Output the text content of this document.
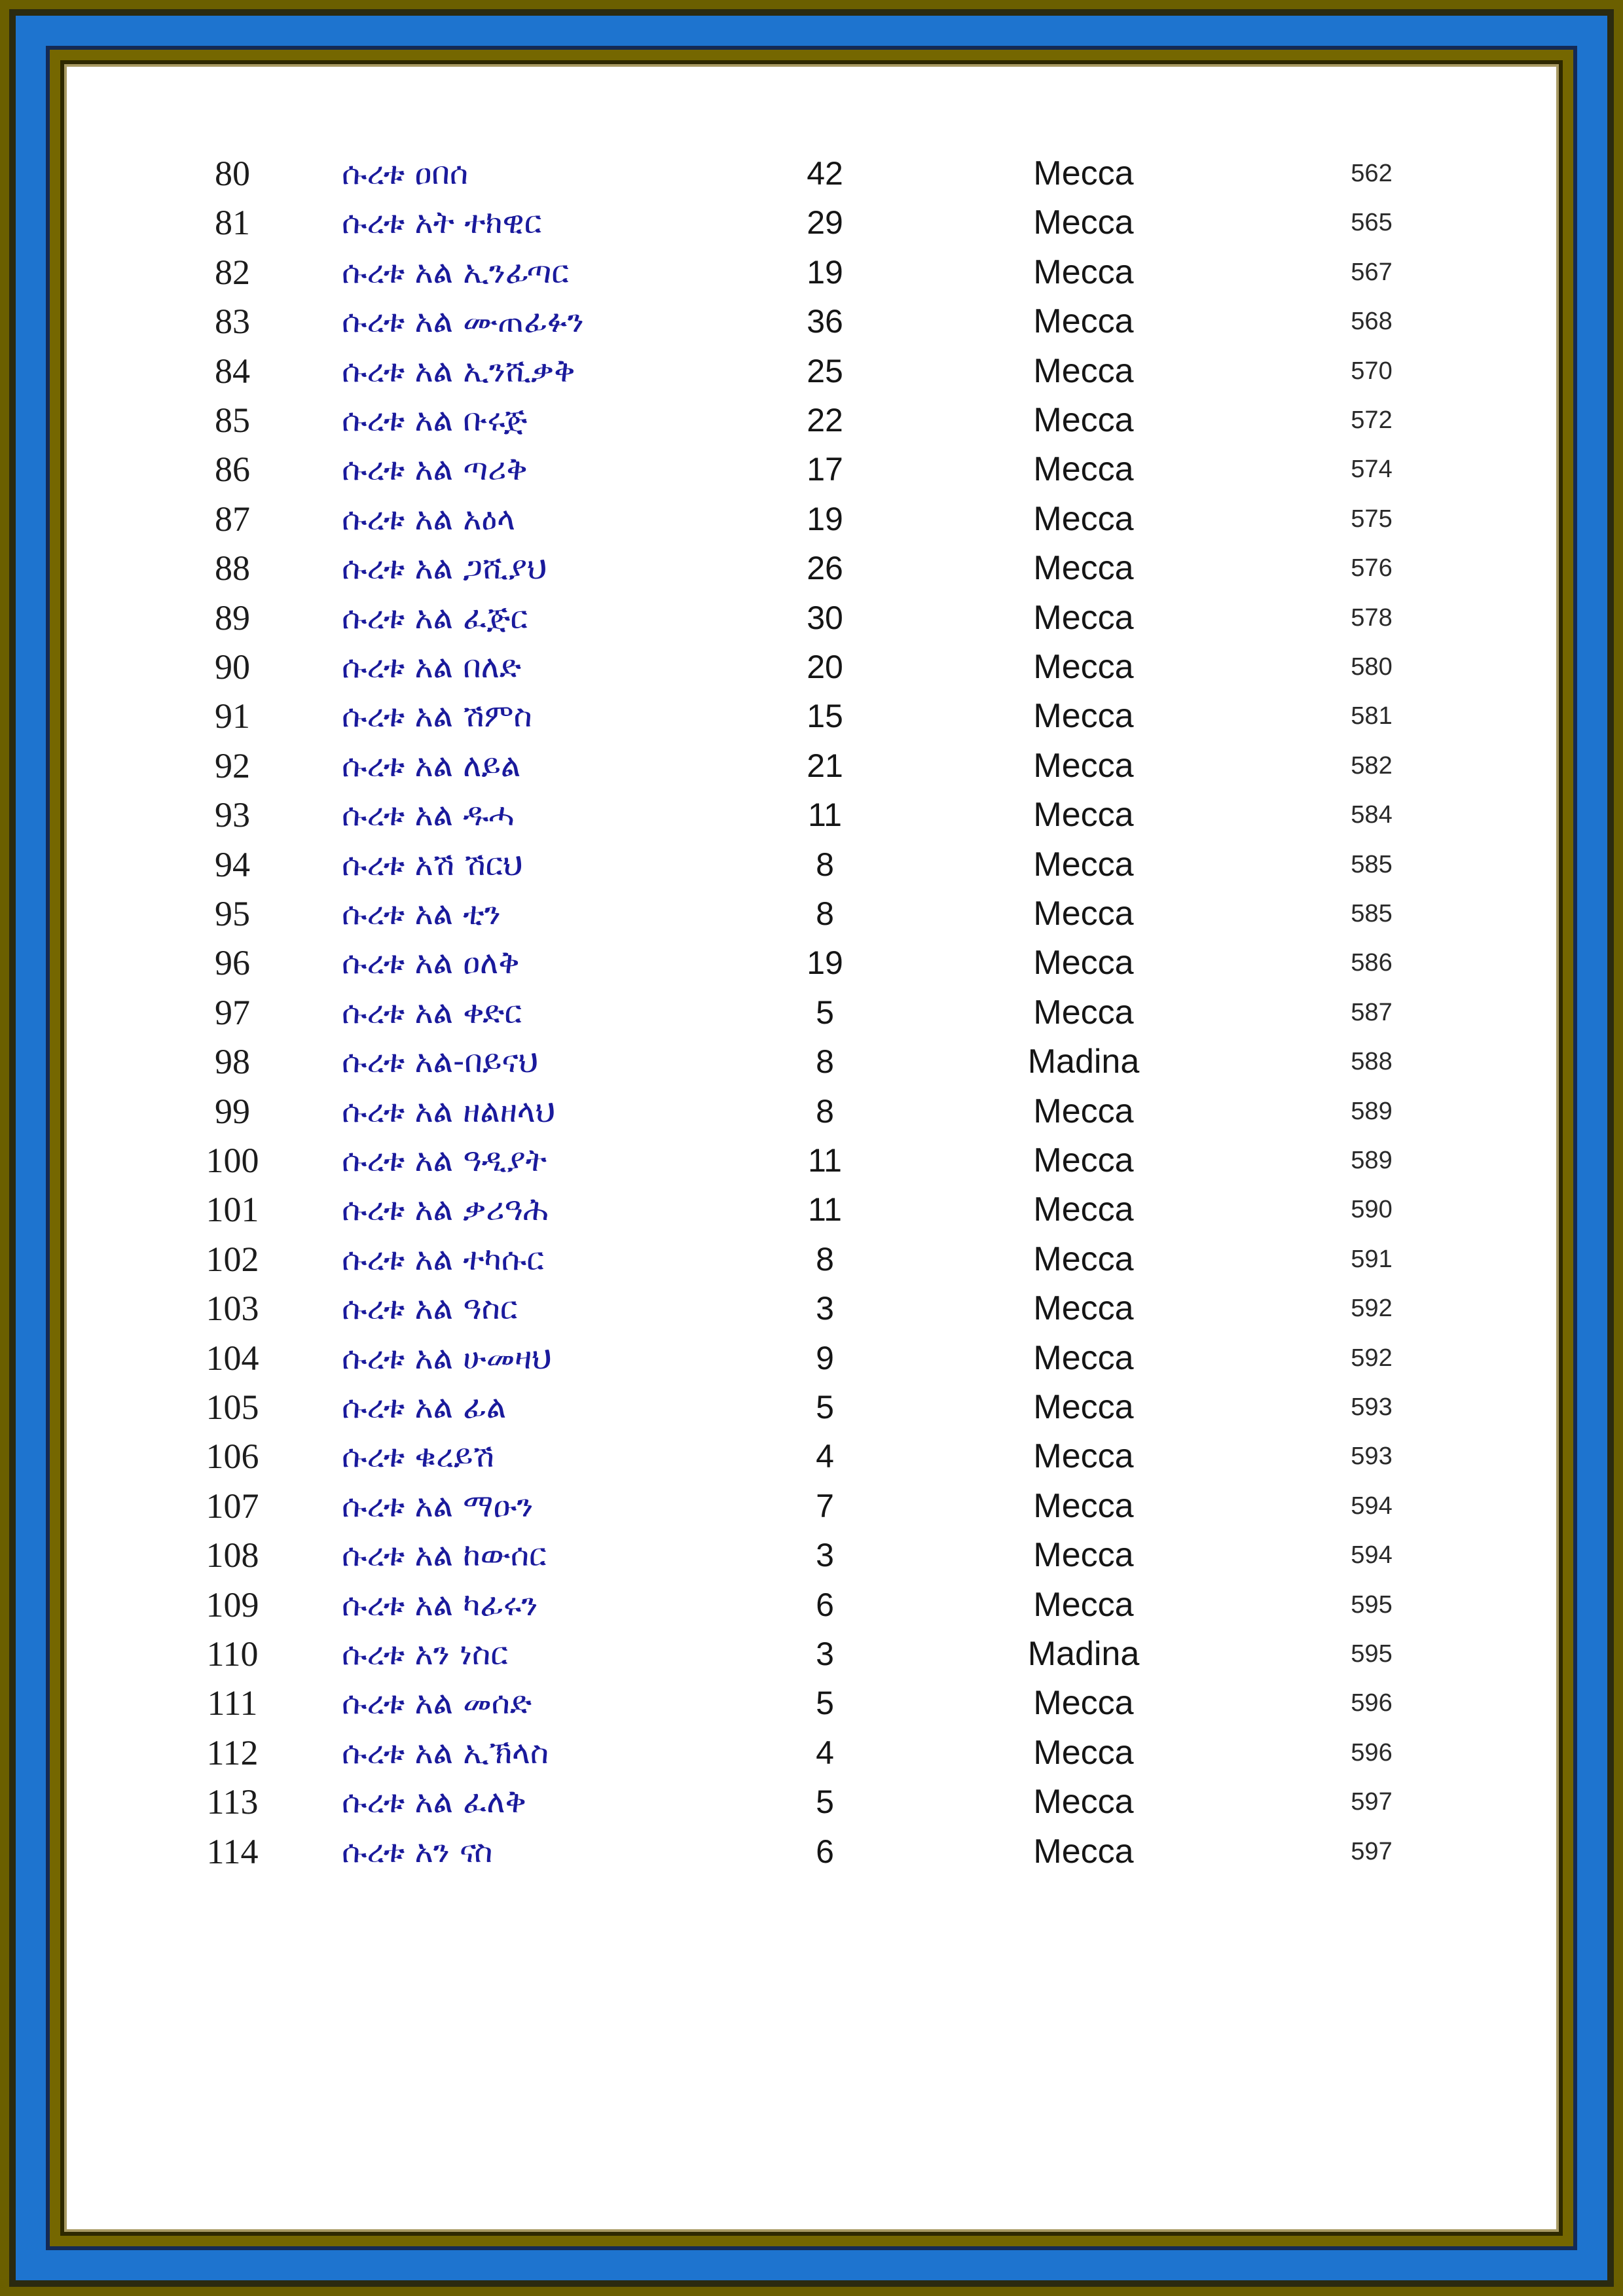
80	ሱረቱ ዐበሰ	42	Mecca	562
81	ሱረቱ አት ተክዊር	29	Mecca	565
82	ሱረቱ አል ኢንፊጣር	19	Mecca	567
83	ሱረቱ አል ሙጠፊፉን	36	Mecca	568
84	ሱረቱ አል ኢንሺቃቅ	25	Mecca	570
85	ሱረቱ አል ቡሩጅ	22	Mecca	572
86	ሱረቱ አል ጣሪቅ	17	Mecca	574
87	ሱረቱ አል አዕላ	19	Mecca	575
88	ሱረቱ አል ጋሺያህ	26	Mecca	576
89	ሱረቱ አል ፈጅር	30	Mecca	578
90	ሱረቱ አል በለድ	20	Mecca	580
91	ሱረቱ አል ሽምስ	15	Mecca	581
92	ሱረቱ አል ለይል	21	Mecca	582
93	ሱረቱ አል ዱሓ	11	Mecca	584
94	ሱረቱ አሽ ሽርህ	8	Mecca	585
95	ሱረቱ አል ቲን	8	Mecca	585
96	ሱረቱ አል ዐለቅ	19	Mecca	586
97	ሱረቱ አል ቀድር	5	Mecca	587
98	ሱረቱ አል-በይናህ	8	Madina	588
99	ሱረቱ አል ዘልዘላህ	8	Mecca	589
100	ሱረቱ አል ዓዲያት	11	Mecca	589
101	ሱረቱ አል ቃሪዓሕ	11	Mecca	590
102	ሱረቱ አል ተካሱር	8	Mecca	591
103	ሱረቱ አል ዓስር	3	Mecca	592
104	ሱረቱ አል ሁመዛህ	9	Mecca	592
105	ሱረቱ አል ፊል	5	Mecca	593
106	ሱረቱ ቁረይሽ	4	Mecca	593
107	ሱረቱ አል ማዑን	7	Mecca	594
108	ሱረቱ አል ከውሰር	3	Mecca	594
109	ሱረቱ አል ካፊሩን	6	Mecca	595
110	ሱረቱ አን ነስር	3	Madina	595
111	ሱረቱ አል መሰድ	5	Mecca	596
112	ሱረቱ አል ኢኽላስ	4	Mecca	596
113	ሱረቱ አል ፈለቅ	5	Mecca	597
114	ሱረቱ አን ናስ	6	Mecca	597
